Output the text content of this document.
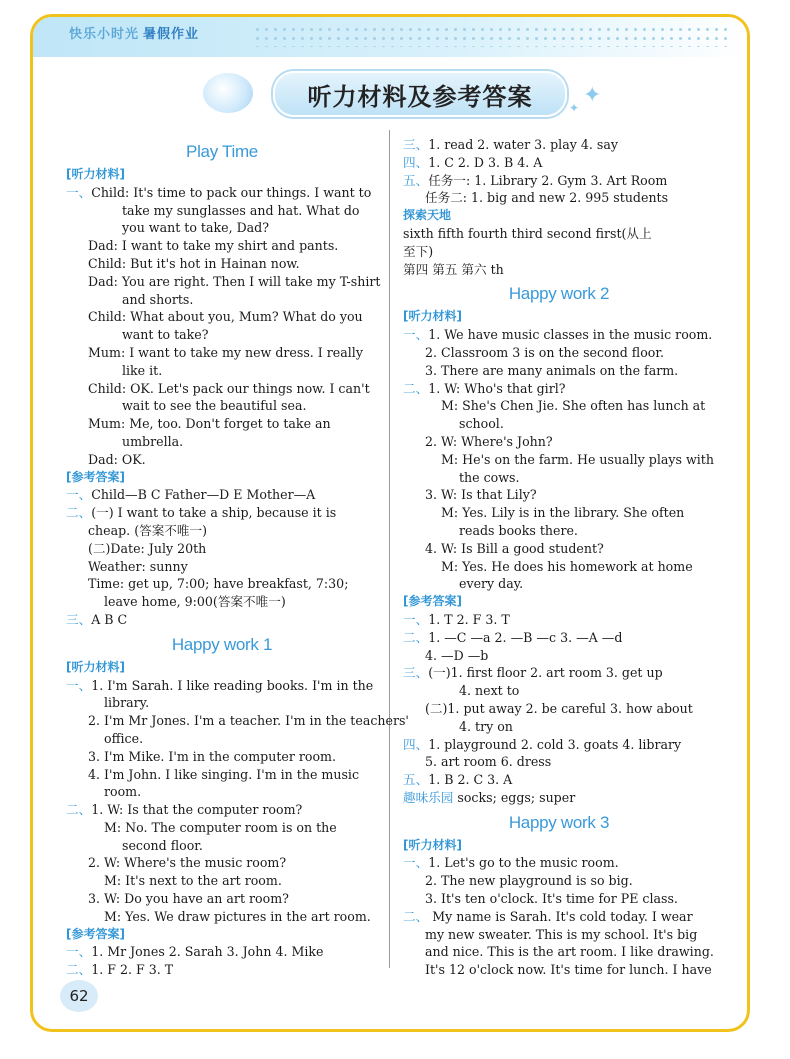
快乐小时光 暑假作业
听力材料及参考答案	✦
✦
Play Time
[听力材料]
一、Child: It's time to pack our things. I want to
take my sunglasses and hat. What do
you want to take, Dad?
Dad: I want to take my shirt and pants.
Child: But it's hot in Hainan now.
Dad: You are right. Then I will take my T-shirt
and shorts.
Child: What about you, Mum? What do you
want to take?
Mum: I want to take my new dress. I really
like it.
Child: OK. Let's pack our things now. I can't
wait to see the beautiful sea.
Mum: Me, too. Don't forget to take an
umbrella.
Dad: OK.
[参考答案]
一、Child—B C Father—D E Mother—A
二、(一) I want to take a ship, because it is
cheap. (答案不唯一)
(二)Date: July 20th
Weather: sunny
Time: get up, 7:00; have breakfast, 7:30;
leave home, 9:00(答案不唯一)
三、A B C
Happy work 1
[听力材料]
一、1. I'm Sarah. I like reading books. I'm in the
library.
2. I'm Mr Jones. I'm a teacher. I'm in the teachers'
office.
3. I'm Mike. I'm in the computer room.
4. I'm John. I like singing. I'm in the music
room.
二、1. W: Is that the computer room?
M: No. The computer room is on the
second floor.
2. W: Where's the music room?
M: It's next to the art room.
3. W: Do you have an art room?
M: Yes. We draw pictures in the art room.
[参考答案]
一、1. Mr Jones 2. Sarah 3. John 4. Mike
二、1. F 2. F 3. T
三、1. read 2. water 3. play 4. say
四、1. C 2. D 3. B 4. A
五、任务一: 1. Library 2. Gym 3. Art Room
任务二: 1. big and new 2. 995 students
探索天地
sixth fifth fourth third second first(从上
至下)
第四 第五 第六 th
Happy work 2
[听力材料]
一、1. We have music classes in the music room.
2. Classroom 3 is on the second floor.
3. There are many animals on the farm.
二、1. W: Who's that girl?
M: She's Chen Jie. She often has lunch at
school.
2. W: Where's John?
M: He's on the farm. He usually plays with
the cows.
3. W: Is that Lily?
M: Yes. Lily is in the library. She often
reads books there.
4. W: Is Bill a good student?
M: Yes. He does his homework at home
every day.
[参考答案]
一、1. T 2. F 3. T
二、1. —C —a 2. —B —c 3. —A —d
4. —D —b
三、(一)1. first floor 2. art room 3. get up
4. next to
(二)1. put away 2. be careful 3. how about
4. try on
四、1. playground 2. cold 3. goats 4. library
5. art room 6. dress
五、1. B 2. C 3. A
趣味乐园 socks; eggs; super
Happy work 3
[听力材料]
一、1. Let's go to the music room.
2. The new playground is so big.
3. It's ten o'clock. It's time for PE class.
二、 My name is Sarah. It's cold today. I wear
my new sweater. This is my school. It's big
and nice. This is the art room. I like drawing.
It's 12 o'clock now. It's time for lunch. I have
62
